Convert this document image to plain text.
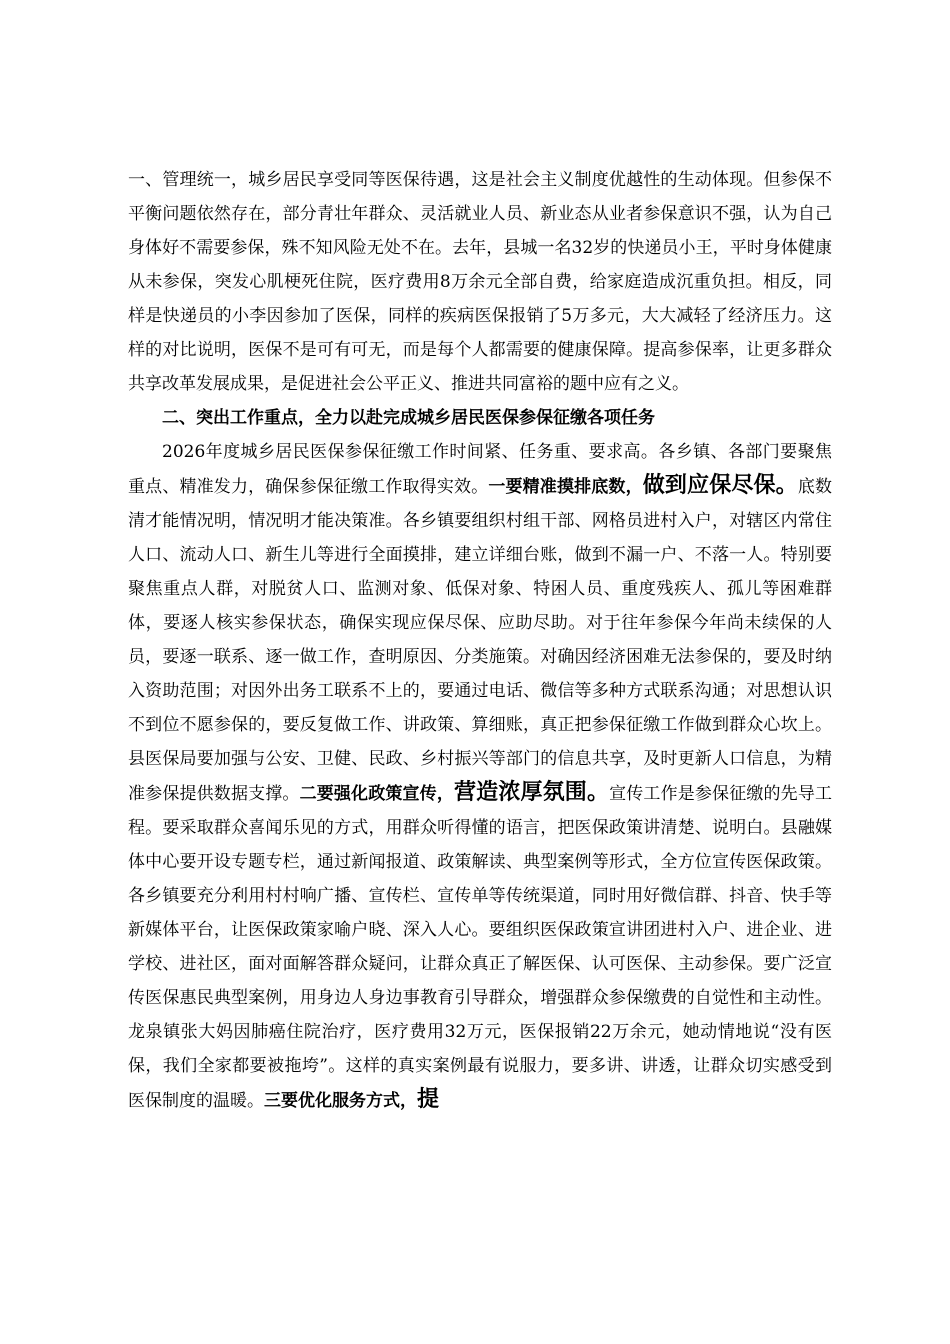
一、管理统一，城乡居民享受同等医保待遇，这是社会主义制度优越性的生动体现。但参保不平衡问题依然存在，部分青壮年群众、灵活就业人员、新业态从业者参保意识不强，认为自己身体好不需要参保，殊不知风险无处不在。去年，县城一名32岁的快递员小王，平时身体健康从未参保，突发心肌梗死住院，医疗费用8万余元全部自费，给家庭造成沉重负担。相反，同样是快递员的小李因参加了医保，同样的疾病医保报销了5万多元，大大减轻了经济压力。这样的对比说明，医保不是可有可无，而是每个人都需要的健康保障。提高参保率，让更多群众共享改革发展成果，是促进社会公平正义、推进共同富裕的题中应有之义。

二、突出工作重点，全力以赴完成城乡居民医保参保征缴各项任务

2026年度城乡居民医保参保征缴工作时间紧、任务重、要求高。各乡镇、各部门要聚焦重点、精准发力，确保参保征缴工作取得实效。一要精准摸排底数，做到应保尽保。底数清才能情况明，情况明才能决策准。各乡镇要组织村组干部、网格员进村入户，对辖区内常住人口、流动人口、新生儿等进行全面摸排，建立详细台账，做到不漏一户、不落一人。特别要聚焦重点人群，对脱贫人口、监测对象、低保对象、特困人员、重度残疾人、孤儿等困难群体，要逐人核实参保状态，确保实现应保尽保、应助尽助。对于往年参保今年尚未续保的人员，要逐一联系、逐一做工作，查明原因、分类施策。对确因经济困难无法参保的，要及时纳入资助范围；对因外出务工联系不上的，要通过电话、微信等多种方式联系沟通；对思想认识不到位不愿参保的，要反复做工作、讲政策、算细账，真正把参保征缴工作做到群众心坎上。县医保局要加强与公安、卫健、民政、乡村振兴等部门的信息共享，及时更新人口信息，为精准参保提供数据支撑。二要强化政策宣传，营造浓厚氛围。宣传工作是参保征缴的先导工程。要采取群众喜闻乐见的方式，用群众听得懂的语言，把医保政策讲清楚、说明白。县融媒体中心要开设专题专栏，通过新闻报道、政策解读、典型案例等形式，全方位宣传医保政策。各乡镇要充分利用村村响广播、宣传栏、宣传单等传统渠道，同时用好微信群、抖音、快手等新媒体平台，让医保政策家喻户晓、深入人心。要组织医保政策宣讲团进村入户、进企业、进学校、进社区，面对面解答群众疑问，让群众真正了解医保、认可医保、主动参保。要广泛宣传医保惠民典型案例，用身边人身边事教育引导群众，增强群众参保缴费的自觉性和主动性。龙泉镇张大妈因肺癌住院治疗，医疗费用32万元，医保报销22万余元，她动情地说“没有医保，我们全家都要被拖垮”。这样的真实案例最有说服力，要多讲、讲透，让群众切实感受到医保制度的温暖。三要优化服务方式，提
